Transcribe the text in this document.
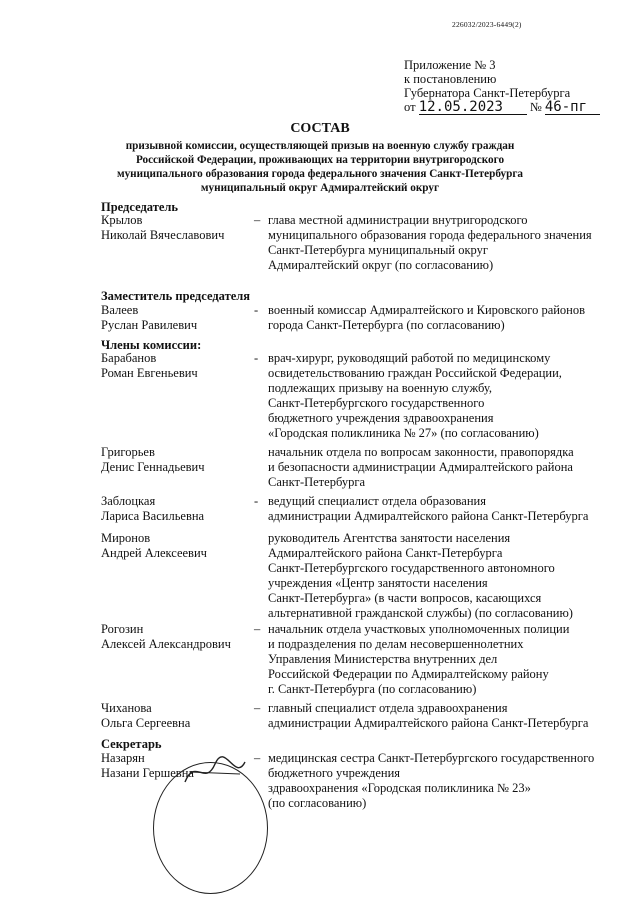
226032/2023-6449(2)
Приложение № 3
к постановлению
Губернатора Санкт-Петербурга
от 12.05.2023 № 46-пг
СОСТАВ
призывной комиссии, осуществляющей призыв на военную службу граждан Российской Федерации, проживающих на территории внутригородского муниципального образования города федерального значения Санкт-Петербурга муниципальный округ Адмиралтейский округ
Председатель
Заместитель председателя
Члены комиссии:
Секретарь
Крылов
Николай Вячеславович
– глава местной администрации внутригородского
муниципального образования города федерального значения
Санкт-Петербурга муниципальный округ
Адмиралтейский округ (по согласованию)
Валеев
Руслан Равилевич
- военный комиссар Адмиралтейского и Кировского районов
города Санкт-Петербурга (по согласованию)
Барабанов
Роман Евгеньевич
- врач-хирург, руководящий работой по медицинскому
освидетельствованию граждан Российской Федерации,
подлежащих призыву на военную службу,
Санкт-Петербургского государственного
бюджетного учреждения здравоохранения
«Городская поликлиника № 27» (по согласованию)
Григорьев
Денис Геннадьевич
начальник отдела по вопросам законности, правопорядка
и безопасности администрации Адмиралтейского района
Санкт-Петербурга
Заблоцкая
Лариса Васильевна
- ведущий специалист отдела образования
администрации Адмиралтейского района Санкт-Петербурга
Миронов
Андрей Алексеевич
руководитель Агентства занятости населения
Адмиралтейского района Санкт-Петербурга
Санкт-Петербургского государственного автономного
учреждения «Центр занятости населения
Санкт-Петербурга» (в части вопросов, касающихся
альтернативной гражданской службы) (по согласованию)
Рогозин
Алексей Александрович
– начальник отдела участковых уполномоченных полиции
и подразделения по делам несовершеннолетних
Управления Министерства внутренних дел
Российской Федерации по Адмиралтейскому району
г. Санкт-Петербурга (по согласованию)
Чиханова
Ольга Сергеевна
– главный специалист отдела здравоохранения
администрации Адмиралтейского района Санкт-Петербурга
Назарян
Назани Гершевна
– медицинская сестра Санкт-Петербургского государственного
бюджетного учреждения
здравоохранения «Городская поликлиника № 23»
(по согласованию)
